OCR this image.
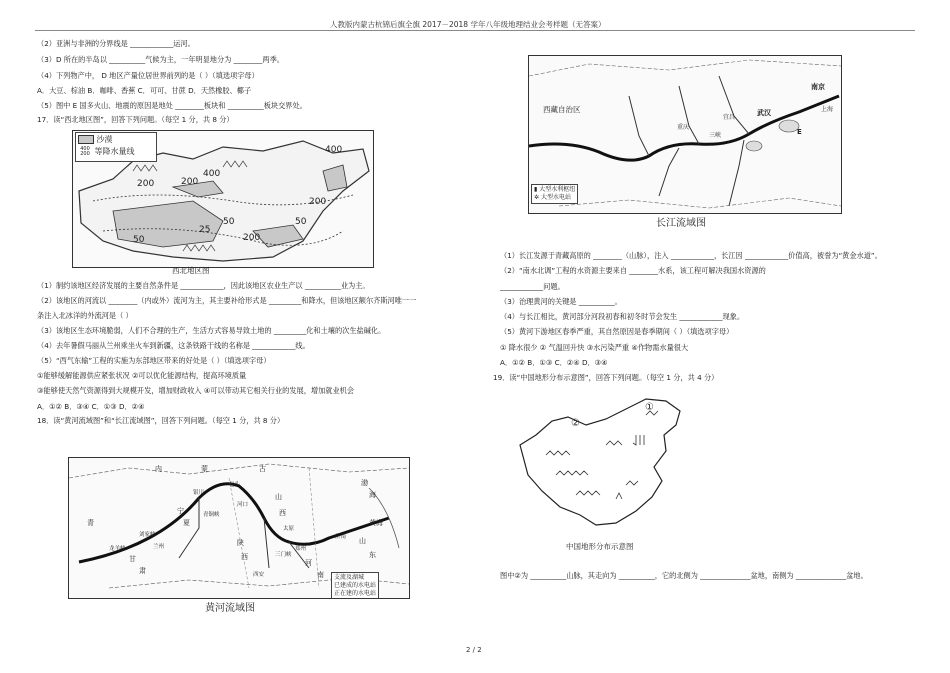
人教版内蒙古杭锦后旗全旗 2017－2018 学年八年级地理结业会考样题（无答案）
（2）亚洲与非洲的分界线是 ____________运河。
（3）D 所在的半岛以 __________气候为主，一年明显地分为 ________两季。
（4）下列物产中， D 地区产量位居世界前列的是（ ）（填选项字母）
A．大豆、棕油 B．咖啡、香蕉 C．可可、甘蔗 D．天然橡胶、椰子
（5）图中 E 国多火山、地震的原因是地处 ________板块和 __________板块交界处。
17．读“西北地区图”，回答下列问题。（每空 1 分，共 8 分）
沙漠
400
200 等降水量线	400
400
200
200
200
50
50
200
50
25
西北地区图
（1）制约该地区经济发展的主要自然条件是 ____________，因此该地区农业生产以 __________业为主。
（2）该地区的河流以 ________（内或外）流河为主，其主要补给形式是 _________和降水，但该地区额尔齐斯河唯一一
条注入北冰洋的外流河是（ ）
（3）该地区生态环境脆弱，人们不合理的生产，生活方式容易导致土地的 _________化和土壤的次生盐碱化。
（4）去年暑假马丽从兰州乘坐火车到新疆，这条铁路干线的名称是 ____________线。
（5）“西气东输”工程的实施为东部地区带来的好处是（ ）（填选项字母）
①能够缓解能源供应紧张状况 ②可以优化能源结构，提高环境质量
③能够使天然气资源得到大规模开发，增加财政收入 ④可以带动其它相关行业的发展，增加就业机会
A．①② B．③④ C．①③ D．②④
18．读“黄河流域图”和“长江流域图”，回答下列问题。（每空 1 分，共 8 分）
青
内	蒙	古
宁
夏
甘
肃
陕
西
山
西
河
南
山
东
渤
海
黄海
兰州
银川
包头
西安
郑州
济南
太原
龙羊峡
刘家峡
青铜峡
三门峡
河口
支流及湖城
已建成的水电站
正在建的水电站
黄河流域图
西藏自治区
南京
武汉
宜昌
重庆
上海
E
三峡
▮ 大型水利枢纽
✲ 大型水电站
长江流域图
（1）长江发源于青藏高原的 ________（山脉），注入 ____________，长江因 ____________价值高，被誉为“黄金水道”。
（2）“南水北调”工程的水资源主要来自 ________水系，该工程可解决我国水资源的
____________问题。
（3）治理黄河的关键是 __________。
（4）与长江相比，黄河部分河段初春和初冬时节会发生 ____________现象。
（5）黄河下游地区春季严重，其自然原因是春季期间（ ）（填选项字母）
① 降水很少 ② 气温回升快 ③水污染严重 ④作物需水量很大
A．①② B．①③ C．②④ D．③④
19．读“中国地形分布示意图”，回答下列问题。（每空 1 分，共 4 分）
①
②
中国地形分布示意图
图中②为 __________山脉，其走向为 __________，它的北侧为 ______________盆地，南侧为 ______________盆地。
2 / 2
